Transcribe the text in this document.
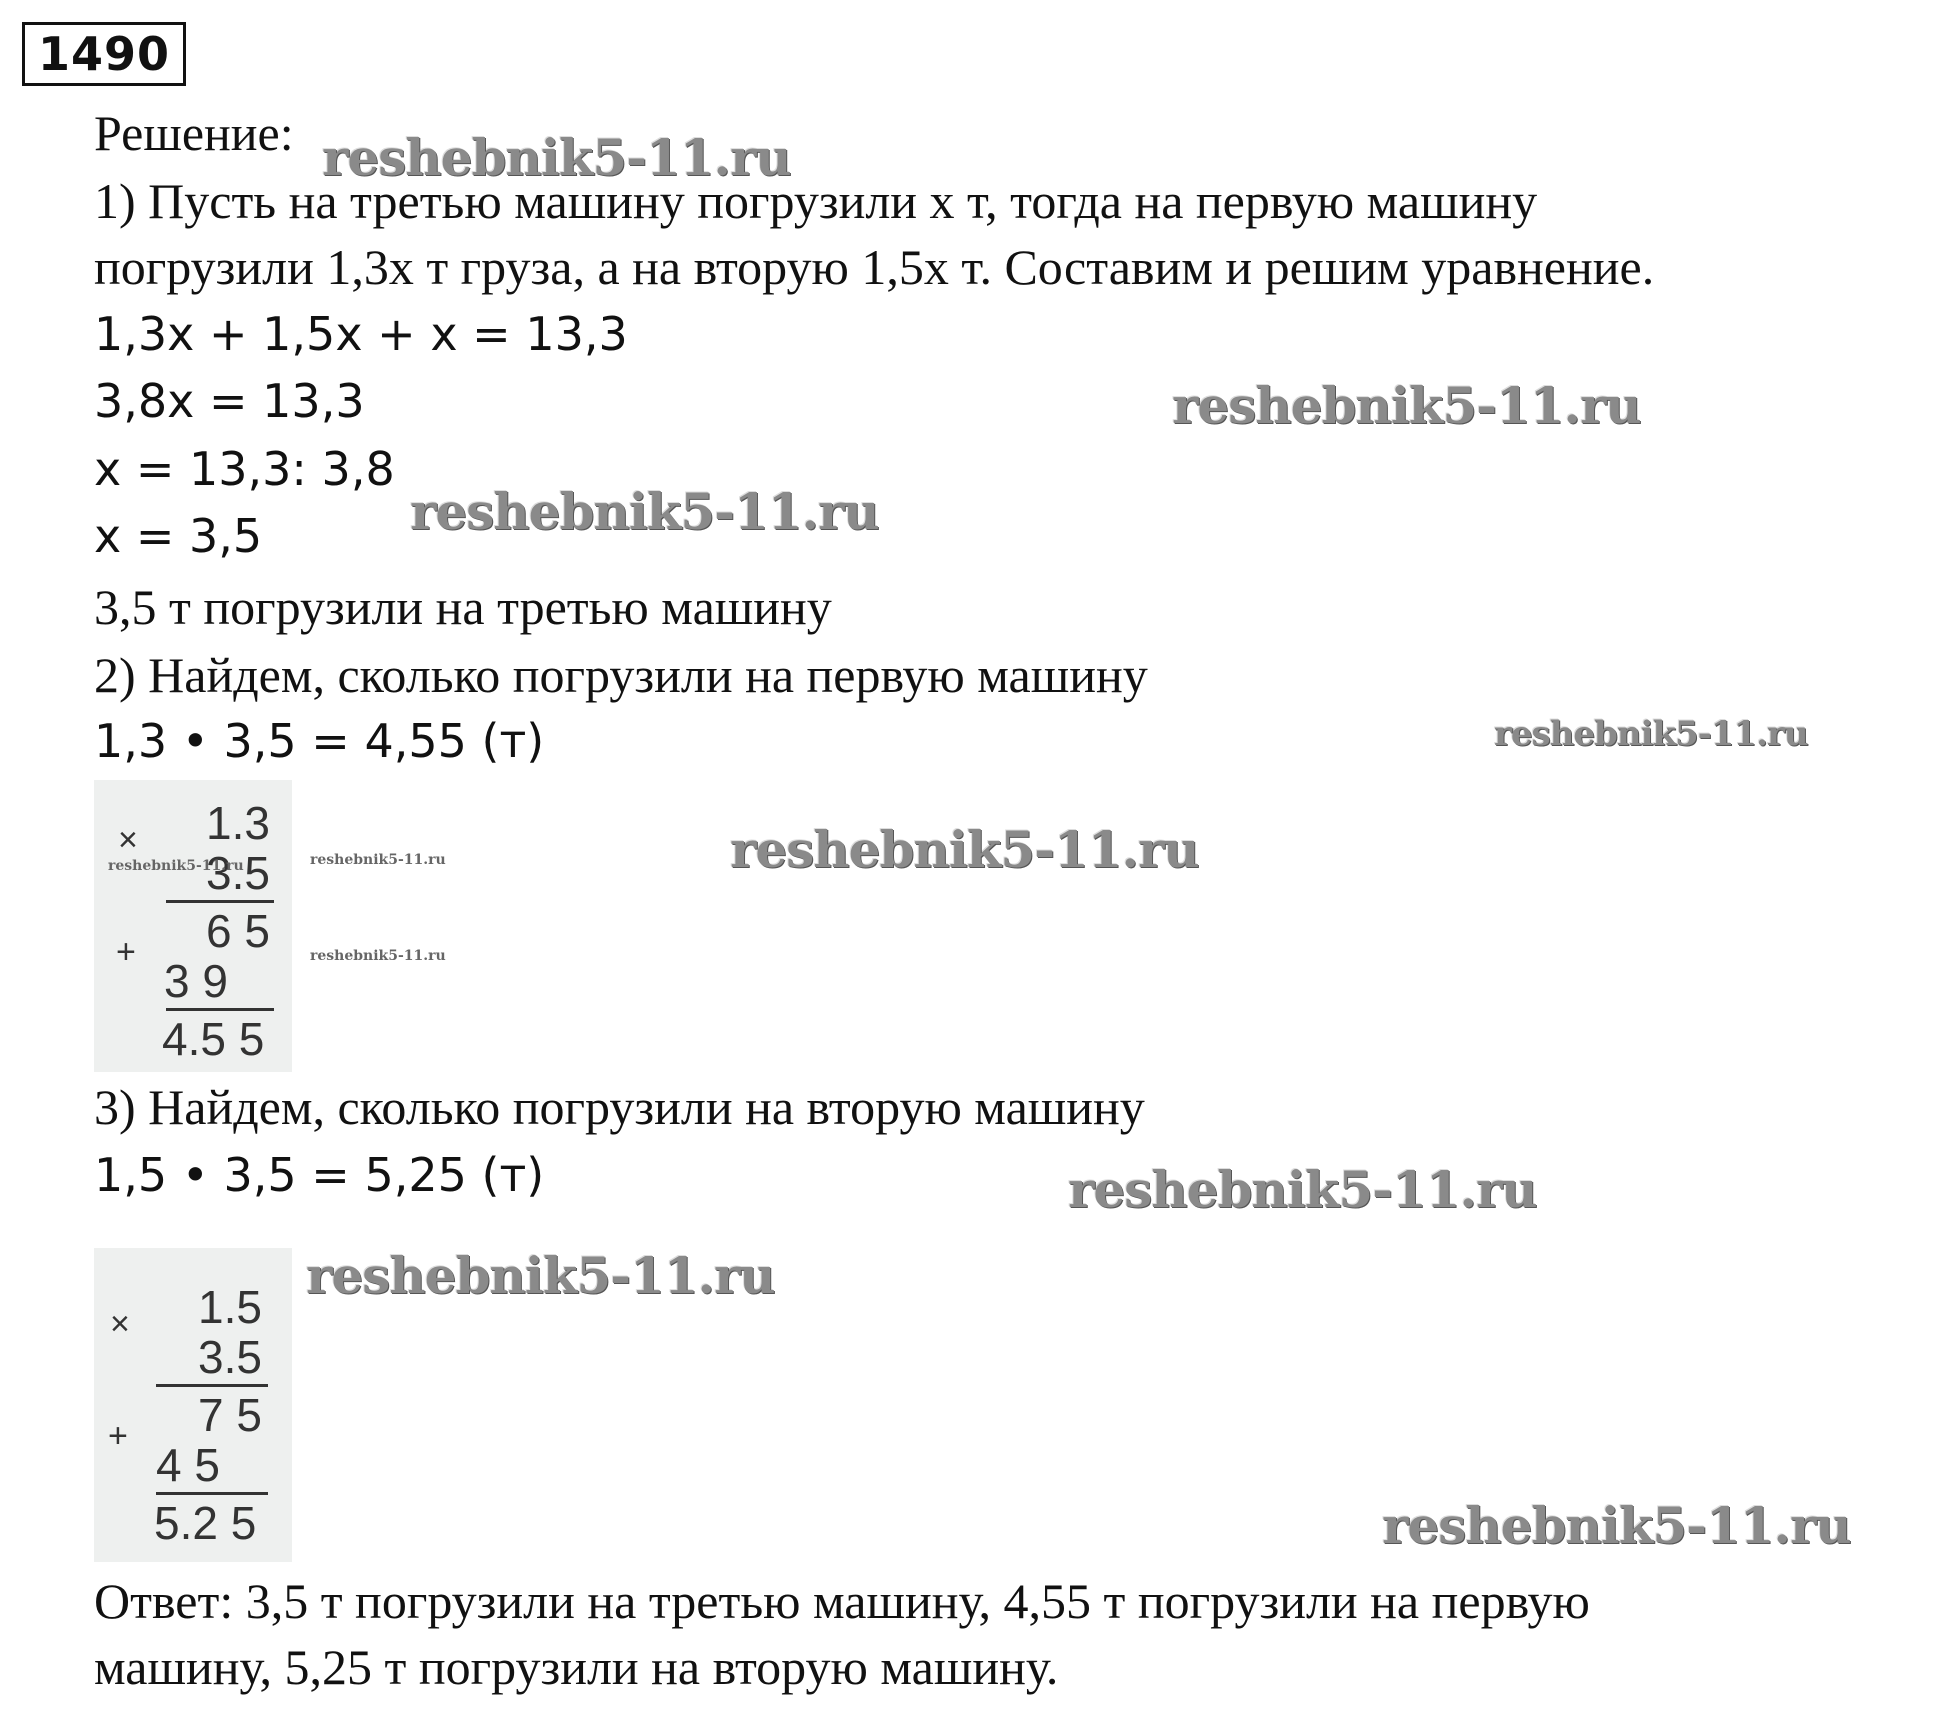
1490
Решение:
1) Пусть на третью машину погрузили x т, тогда на первую машину
погрузили 1,3x т груза, а на вторую 1,5x т. Составим и решим уравнение.
1,3x + 1,5x + x = 13,3
3,8x = 13,3
x = 13,3: 3,8
x = 3,5
3,5 т погрузили на третью машину
2) Найдем, сколько погрузили на первую машину
1,3 • 3,5 = 4,55 (т)
× 1.3
3.5
6 5
+
3 9
4.5 5
3) Найдем, сколько погрузили на вторую машину
1,5 • 3,5 = 5,25 (т)
× 1.5
3.5
7 5
+
4 5
5.2 5
Ответ: 3,5 т погрузили на третью машину, 4,55 т погрузили на первую
машину, 5,25 т погрузили на вторую машину.
reshebnik5-11.ru
reshebnik5-11.ru
reshebnik5-11.ru
reshebnik5-11.ru
reshebnik5-11.ru
reshebnik5-11.ru	reshebnik5-11.ru
reshebnik5-11.ru
reshebnik5-11.ru
reshebnik5-11.ru
reshebnik5-11.ru
